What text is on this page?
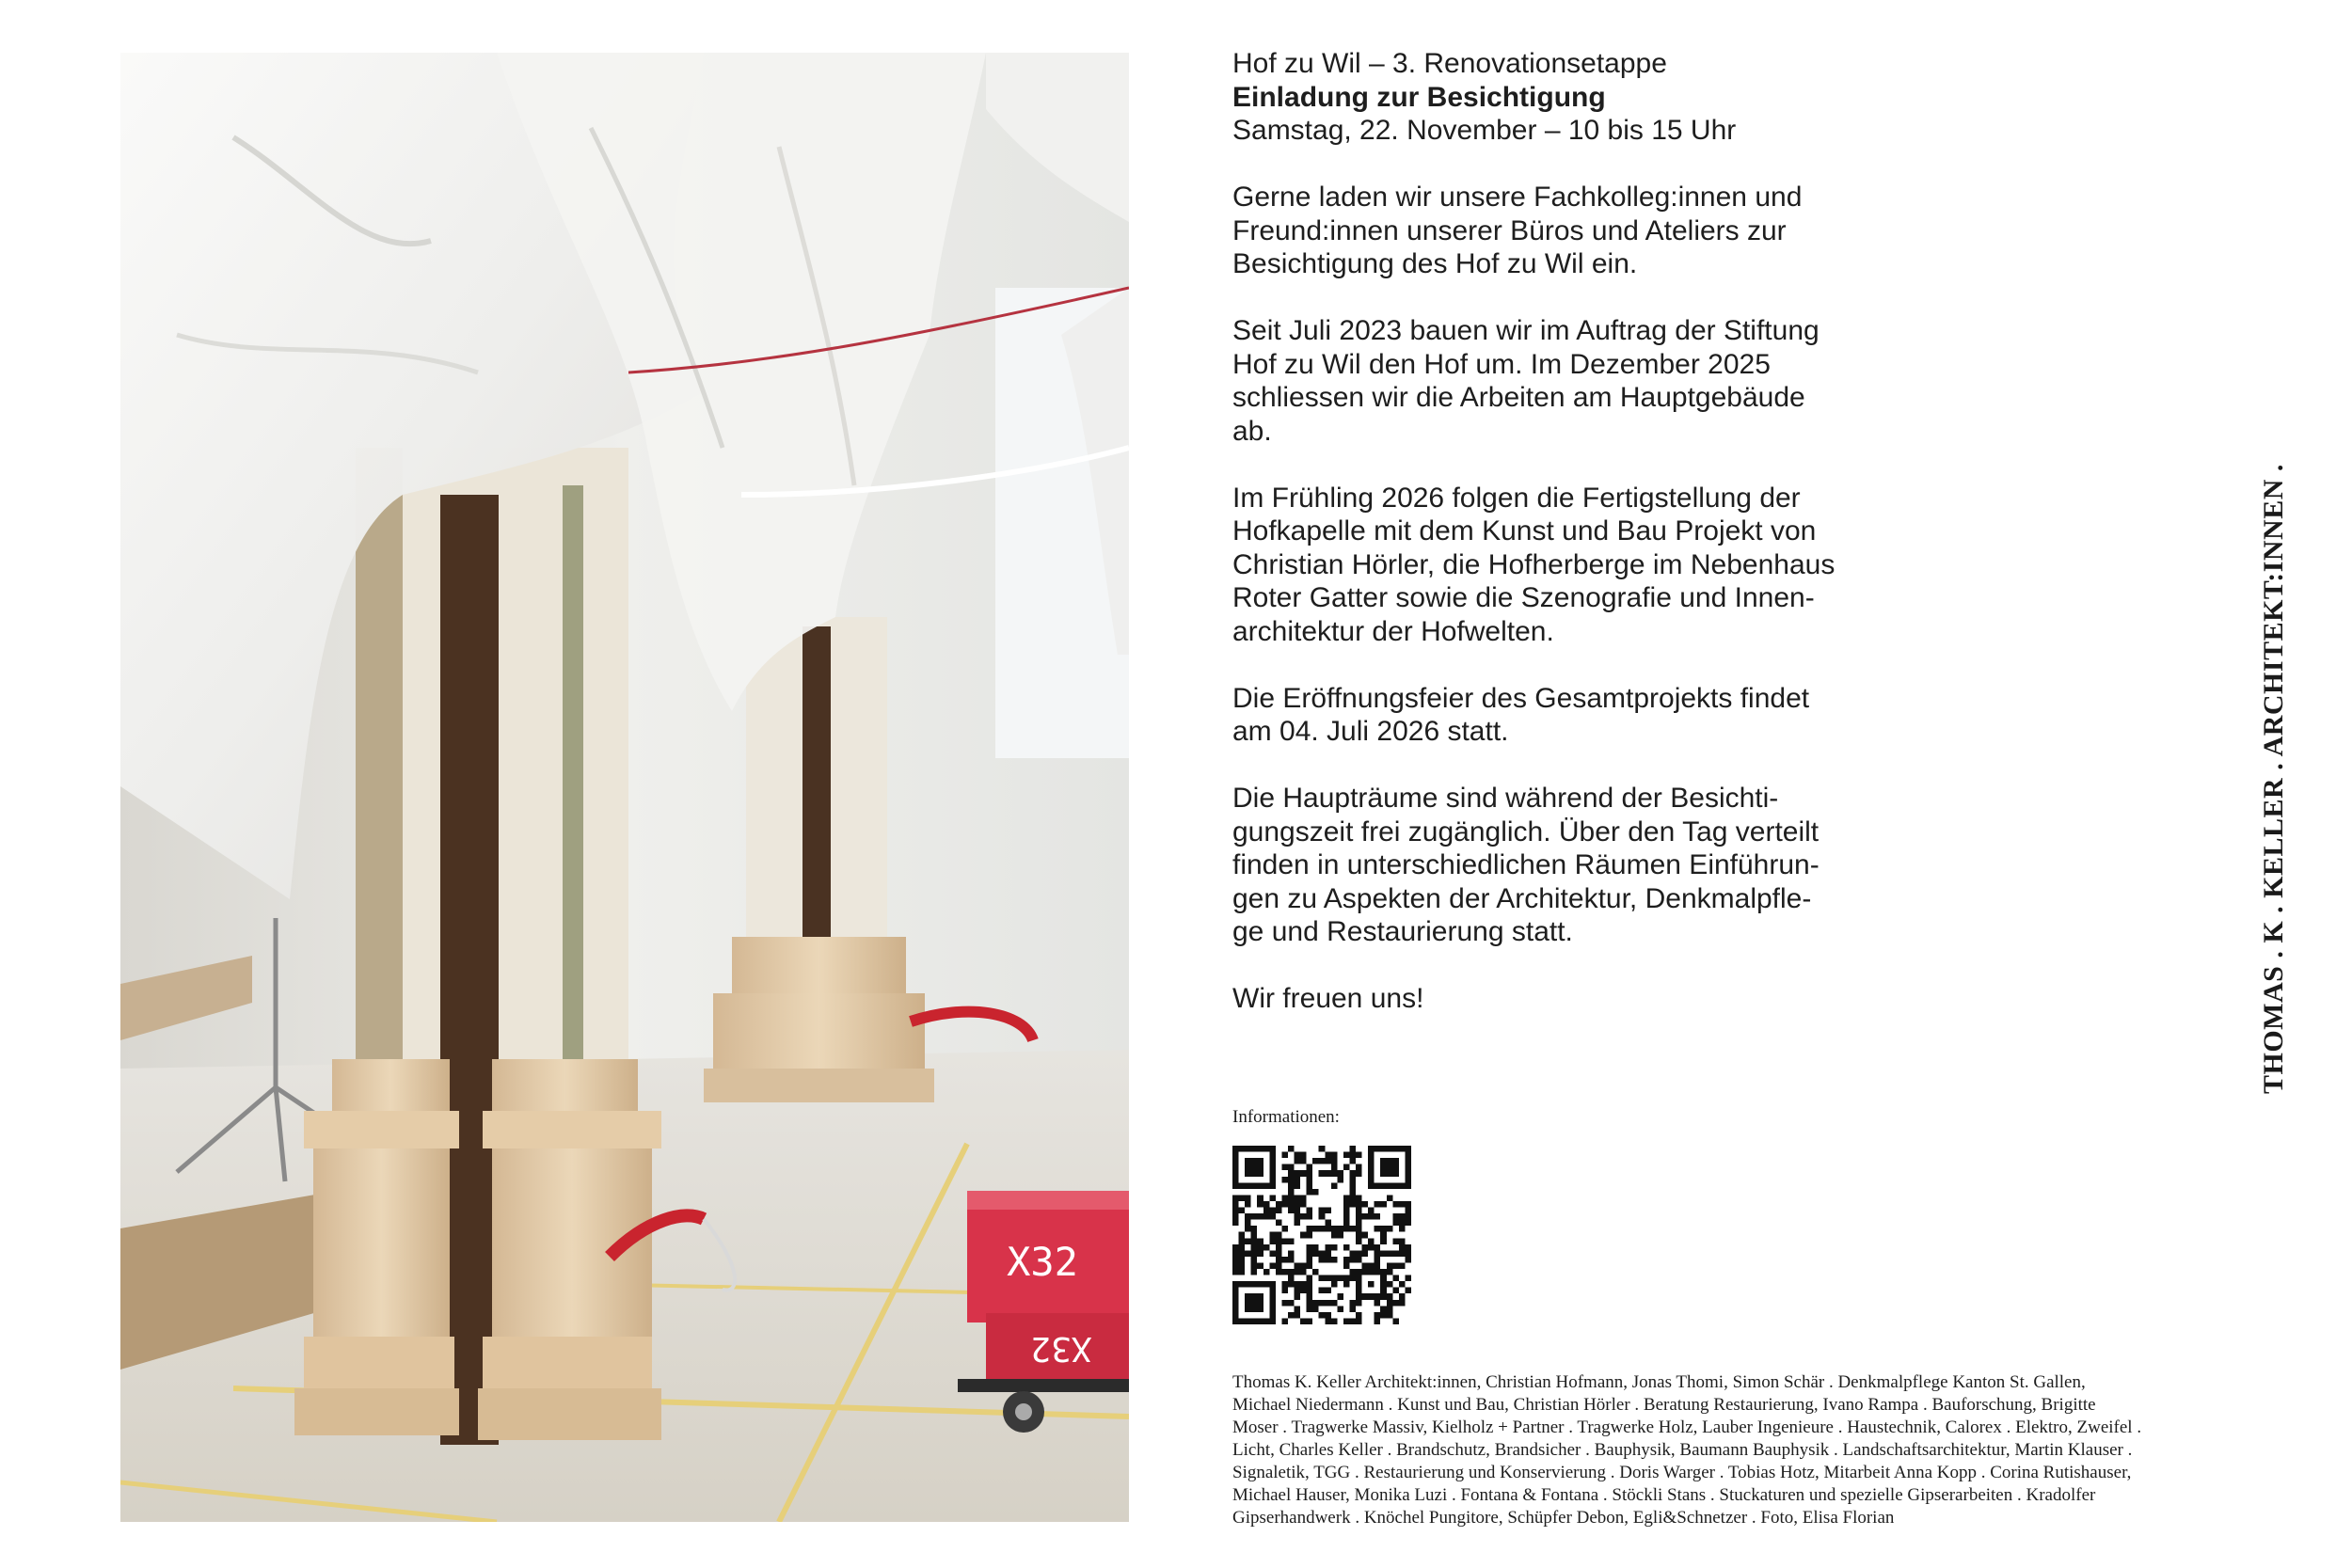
X32
X32
Hof zu Wil – 3. Renovationsetappe
Einladung zur Besichtigung
Samstag, 22. November – 10 bis 15 Uhr

Gerne laden wir unsere Fachkolleg:innen und
Freund:innen unserer Büros und Ateliers zur
Besichtigung des Hof zu Wil ein.

Seit Juli 2023 bauen wir im Auftrag der Stiftung
Hof zu Wil den Hof um. Im Dezember 2025
schliessen wir die Arbeiten am Hauptgebäude
ab.

Im Frühling 2026 folgen die Fertigstellung der
Hofkapelle mit dem Kunst und Bau Projekt von
Christian Hörler, die Hofherberge im Nebenhaus
Roter Gatter sowie die Szenografie und Innen-
architektur der Hofwelten.

Die Eröffnungsfeier des Gesamtprojekts findet
am 04. Juli 2026 statt.

Die Haupträume sind während der Besichti-
gungszeit frei zugänglich. Über den Tag verteilt
finden in unterschiedlichen Räumen Einführun-
gen zu Aspekten der Architektur, Denkmalpfle-
ge und Restaurierung statt.

Wir freuen uns!

Informationen:
Thomas K. Keller Architekt:innen, Christian Hofmann, Jonas Thomi, Simon Schär . Denkmalpflege Kanton St. Gallen,
Michael Niedermann . Kunst und Bau, Christian Hörler . Beratung Restaurierung, Ivano Rampa . Bauforschung, Brigitte
Moser . Tragwerke Massiv, Kielholz + Partner . Tragwerke Holz, Lauber Ingenieure . Haustechnik, Calorex . Elektro, Zweifel .
Licht, Charles Keller . Brandschutz, Brandsicher . Bauphysik, Baumann Bauphysik . Landschaftsarchitektur, Martin Klauser .
Signaletik, TGG . Restaurierung und Konservierung . Doris Warger . Tobias Hotz, Mitarbeit Anna Kopp . Corina Rutishauser,
Michael Hauser, Monika Luzi . Fontana & Fontana . Stöckli Stans . Stuckaturen und spezielle Gipserarbeiten . Kradolfer
Gipserhandwerk . Knöchel Pungitore, Schüpfer Debon, Egli&Schnetzer . Foto, Elisa Florian
THOMAS . K . KELLER . ARCHITEKT:INNEN .
